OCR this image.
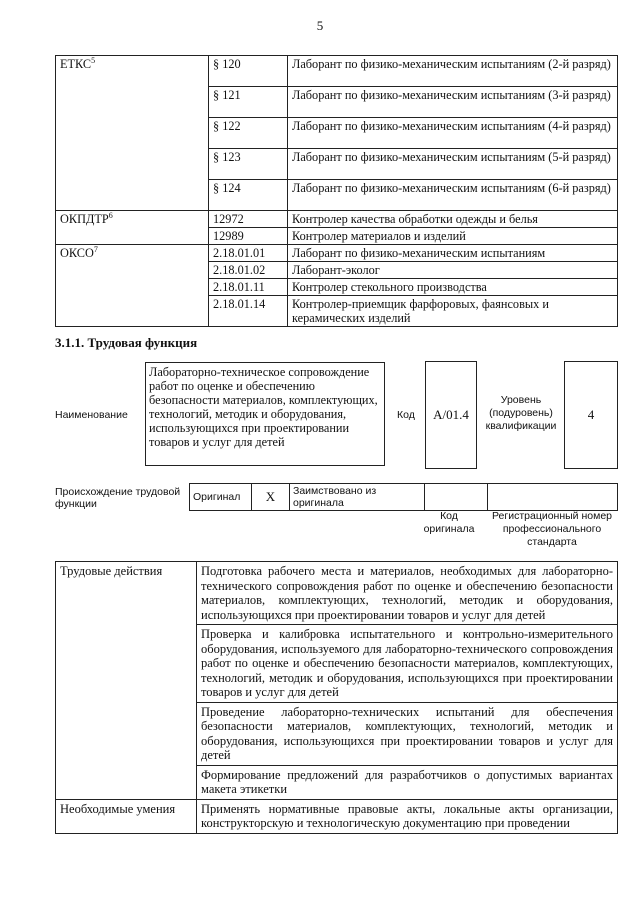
5
ЕТКС$^5$	§ 120	Лаборант по физико-механическим испытаниям (2-й разряд)
	§ 121	Лаборант по физико-механическим испытаниям (3-й разряд)
	§ 122	Лаборант по физико-механическим испытаниям (4-й разряд)
	§ 123	Лаборант по физико-механическим испытаниям (5-й разряд)
	§ 124	Лаборант по физико-механическим испытаниям (6-й разряд)
ОКПДТР$^6$	12972	Контролер качества обработки одежды и белья
	12989	Контролер материалов и изделий
ОКСО$^7$	2.18.01.01	Лаборант по физико-механическим испытаниям
	2.18.01.02	Лаборант-эколог
	2.18.01.11	Контролер стекольного производства
	2.18.01.14	Контролер-приемщик фарфоровых, фаянсовых и керамических изделий
3.1.1. Трудовая функция
Наименование
Лабораторно-техническое сопровождение работ по оценке и обеспечению безопасности материалов, комплектующих, технологий, методик и оборудования, использующихся при проектировании товаров и услуг для детей
Код	A/01.4
Уровень (подуровень) квалификации
4
Происхождение трудовой функции
Оригинал	X	Заимствовано из оригинала		
Код оригинала
Регистрационный номер профессионального стандарта
Трудовые действия	Подготовка рабочего места и материалов, необходимых для лабораторно-технического сопровождения работ по оценке и обеспечению безопасности материалов, комплектующих, технологий, методик и оборудования, использующихся при проектировании товаров и услуг для детей
	Проверка и калибровка испытательного и контрольно-измерительного оборудования, используемого для лабораторно-технического сопровождения работ по оценке и обеспечению безопасности материалов, комплектующих, технологий, методик и оборудования, использующихся при проектировании товаров и услуг для детей
	Проведение лабораторно-технических испытаний для обеспечения безопасности материалов, комплектующих, технологий, методик и оборудования, использующихся при проектировании товаров и услуг для детей
	Формирование предложений для разработчиков о допустимых вариантах макета этикетки
Необходимые умения	Применять нормативные правовые акты, локальные акты организации, конструкторскую и технологическую документацию при проведении
